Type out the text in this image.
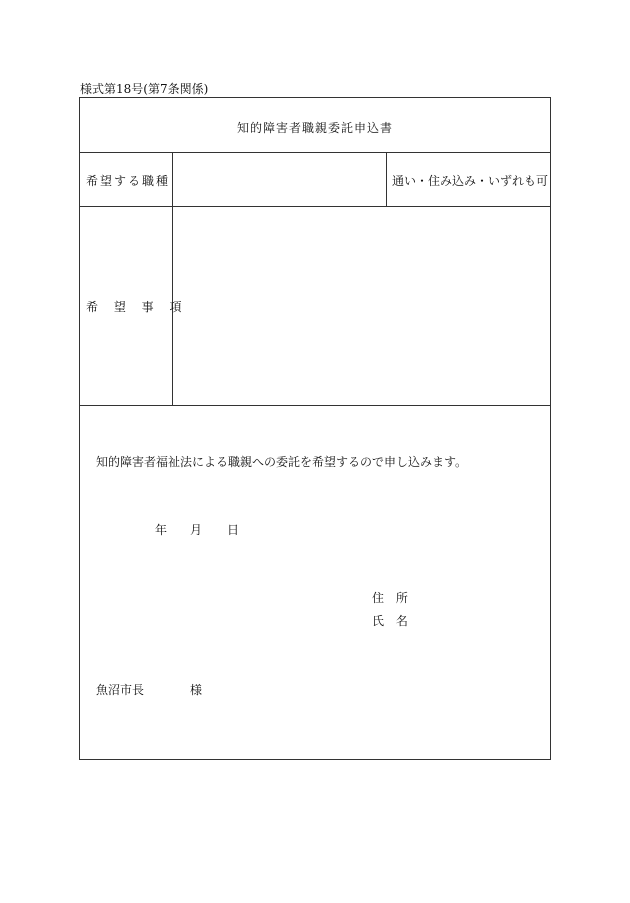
様式第18号(第7条関係)
知的障害者職親委託申込書
希望する職種	通い・住み込み・いずれも可
希 望 事 項
知的障害者福祉法による職親への委託を希望するので申し込みます。
年 月 日
住 所
氏 名
魚沼市長	様
